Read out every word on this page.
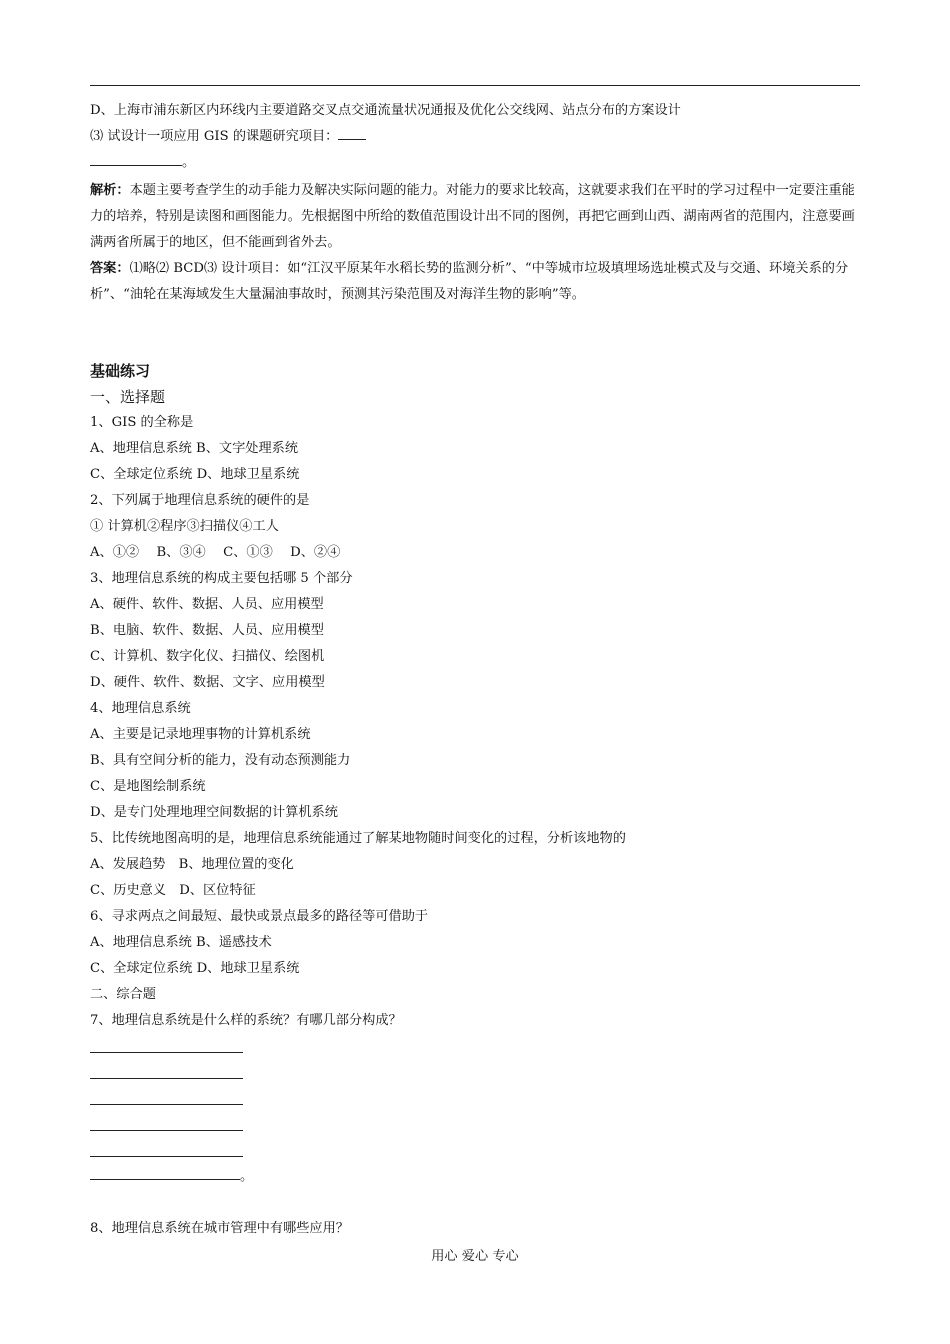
D、上海市浦东新区内环线内主要道路交叉点交通流量状况通报及优化公交线网、站点分布的方案设计
⑶ 试设计一项应用 GIS 的课题研究项目：
。
解析：本题主要考查学生的动手能力及解决实际问题的能力。对能力的要求比较高，这就要求我们在平时的学习过程中一定要注重能力的培养，特别是读图和画图能力。先根据图中所给的数值范围设计出不同的图例，再把它画到山西、湖南两省的范围内，注意要画满两省所属于的地区，但不能画到省外去。
答案：⑴略⑵ BCD⑶ 设计项目：如“江汉平原某年水稻长势的监测分析”、“中等城市垃圾填埋场选址模式及与交通、环境关系的分析”、“油轮在某海域发生大量漏油事故时，预测其污染范围及对海洋生物的影响”等。
基础练习
一、选择题
1、GIS 的全称是
A、地理信息系统 B、文字处理系统
C、全球定位系统 D、地球卫星系统
2、下列属于地理信息系统的硬件的是
① 计算机②程序③扫描仪④工人
A、①②　 B、③④　 C、①③　 D、②④
3、地理信息系统的构成主要包括哪 5 个部分
A、硬件、软件、数据、人员、应用模型
B、电脑、软件、数据、人员、应用模型
C、计算机、数字化仪、扫描仪、绘图机
D、硬件、软件、数据、文字、应用模型
4、地理信息系统
A、主要是记录地理事物的计算机系统
B、具有空间分析的能力，没有动态预测能力
C、是地图绘制系统
D、是专门处理地理空间数据的计算机系统
5、比传统地图高明的是，地理信息系统能通过了解某地物随时间变化的过程，分析该地物的
A、发展趋势　B、地理位置的变化
C、历史意义　D、区位特征
6、寻求两点之间最短、最快或景点最多的路径等可借助于
A、地理信息系统 B、遥感技术
C、全球定位系统 D、地球卫星系统
二、综合题
7、地理信息系统是什么样的系统？有哪几部分构成？
。
8、地理信息系统在城市管理中有哪些应用？
用心 爱心 专心
